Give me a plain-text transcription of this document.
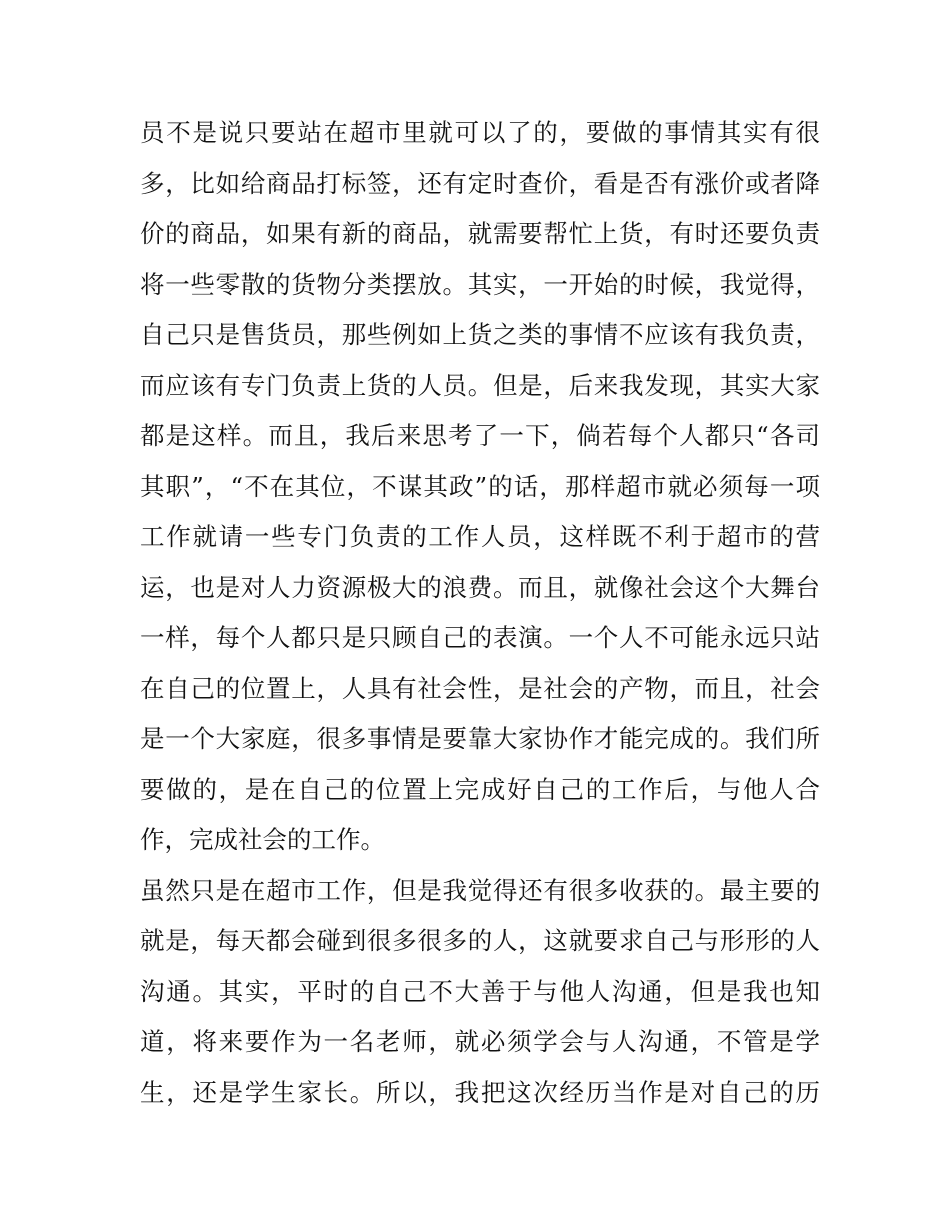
员不是说只要站在超市里就可以了的，要做的事情其实有很
多，比如给商品打标签，还有定时查价，看是否有涨价或者降
价的商品，如果有新的商品，就需要帮忙上货，有时还要负责
将一些零散的货物分类摆放。其实，一开始的时候，我觉得，
自己只是售货员，那些例如上货之类的事情不应该有我负责，
而应该有专门负责上货的人员。但是，后来我发现，其实大家
都是这样。而且，我后来思考了一下，倘若每个人都只“各司
其职”，“不在其位，不谋其政”的话，那样超市就必须每一项
工作就请一些专门负责的工作人员，这样既不利于超市的营
运，也是对人力资源极大的浪费。而且，就像社会这个大舞台
一样，每个人都只是只顾自己的表演。一个人不可能永远只站
在自己的位置上，人具有社会性，是社会的产物，而且，社会
是一个大家庭，很多事情是要靠大家协作才能完成的。我们所
要做的，是在自己的位置上完成好自己的工作后，与他人合
作，完成社会的工作。
虽然只是在超市工作，但是我觉得还有很多收获的。最主要的
就是，每天都会碰到很多很多的人，这就要求自己与形形的人
沟通。其实，平时的自己不大善于与他人沟通，但是我也知
道，将来要作为一名老师，就必须学会与人沟通，不管是学
生，还是学生家长。所以，我把这次经历当作是对自己的历
